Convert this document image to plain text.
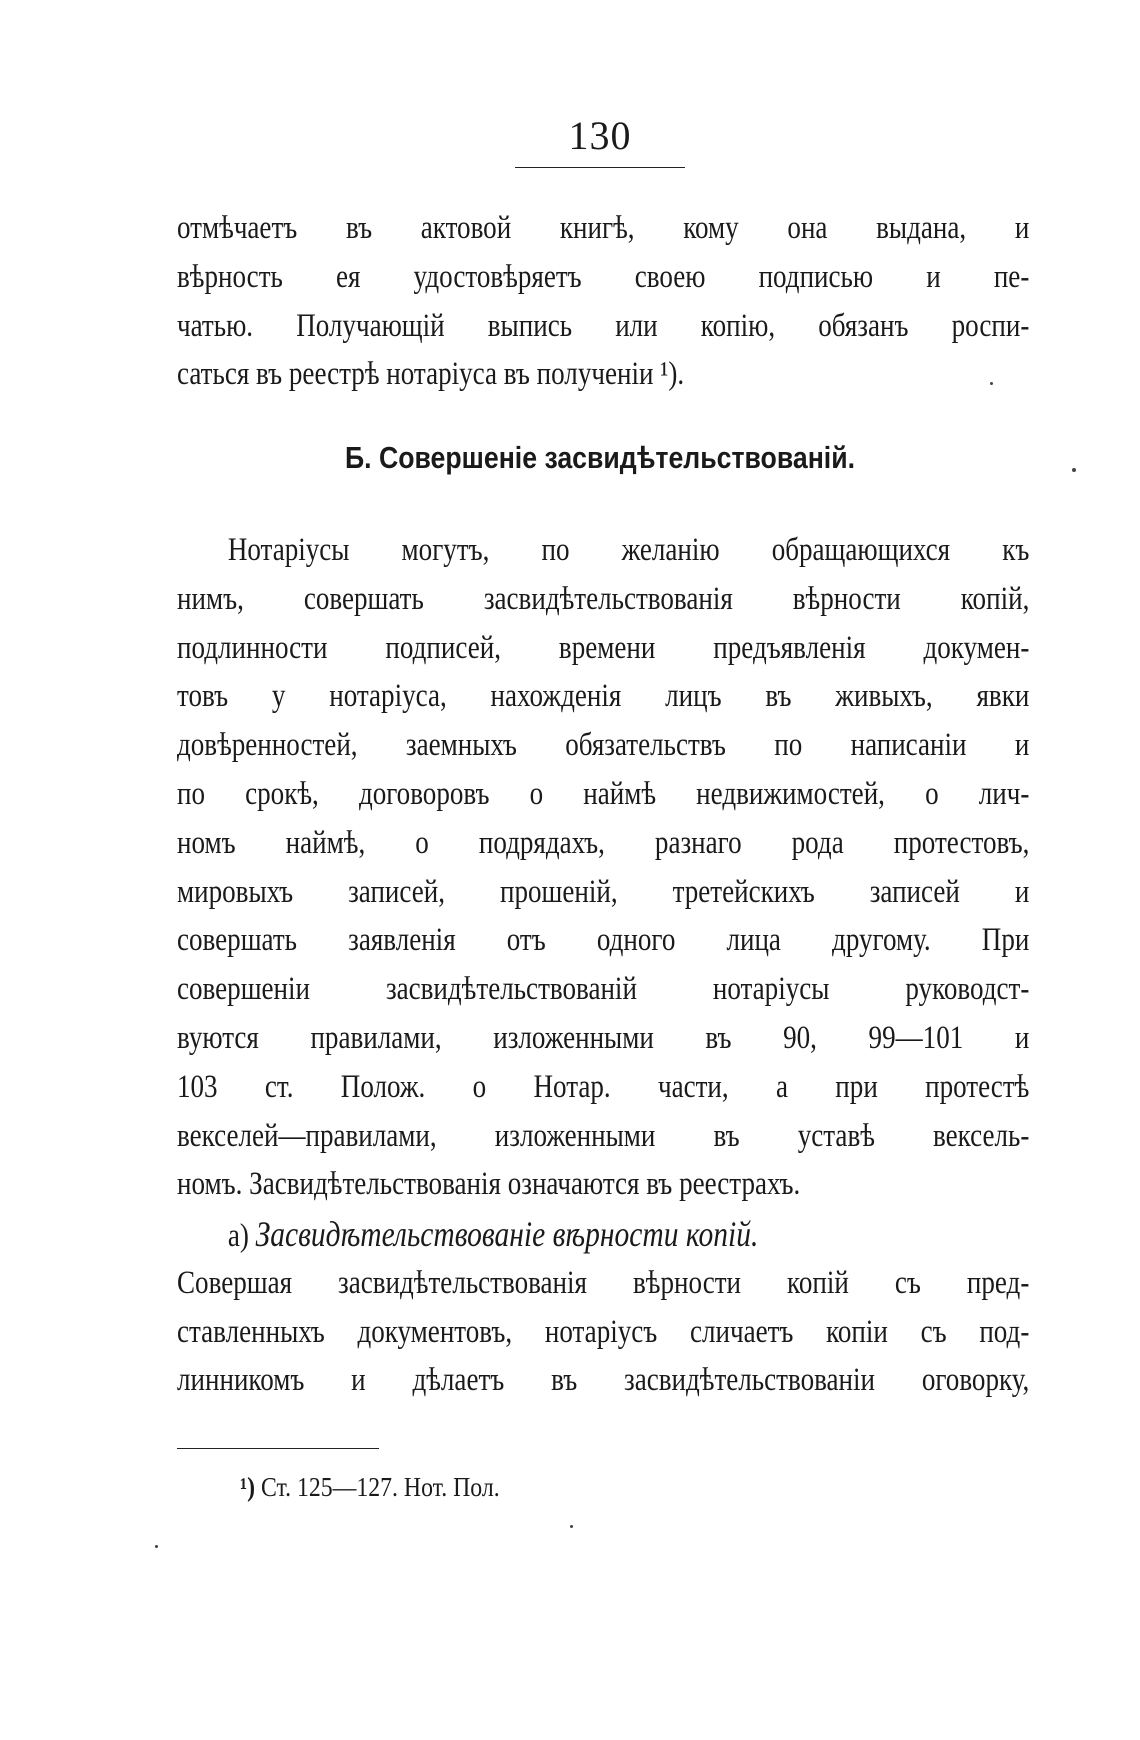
130
отмѣчаетъ въ актовой книгѣ, кому она выдана, и
вѣрность ея удостовѣряетъ своею подписью и пе-
чатью. Получающій выпись или копію, обязанъ роспи-
саться въ реестрѣ нотаріуса въ полученіи ¹).
Б. Совершеніе засвидѣтельствованій.
Нотаріусы могутъ, по желанію обращающихся къ
нимъ, совершать засвидѣтельствованія вѣрности копій,
подлинности подписей, времени предъявленія докумен-
товъ у нотаріуса, нахожденія лицъ въ живыхъ, явки
довѣренностей, заемныхъ обязательствъ по написаніи и
по срокѣ, договоровъ о наймѣ недвижимостей, о лич-
номъ наймѣ, о подрядахъ, разнаго рода протестовъ,
мировыхъ записей, прошеній, третейскихъ записей и
совершать заявленія отъ одного лица другому. При
совершеніи засвидѣтельствованій нотаріусы руководст-
вуются правилами, изложенными въ 90, 99—101 и
103 ст. Полож. о Нотар. части, а при протестѣ
векселей—правилами, изложенными въ уставѣ вексель-
номъ. Засвидѣтельствованія означаются въ реестрахъ.
а) Засвидѣтельствованіе вѣрности копій.
Совершая засвидѣтельствованія вѣрности копій съ пред-
ставленныхъ документовъ, нотаріусъ сличаетъ копіи съ под-
линникомъ и дѣлаетъ въ засвидѣтельствованіи оговорку,
¹) Ст. 125—127. Нот. Пол.
